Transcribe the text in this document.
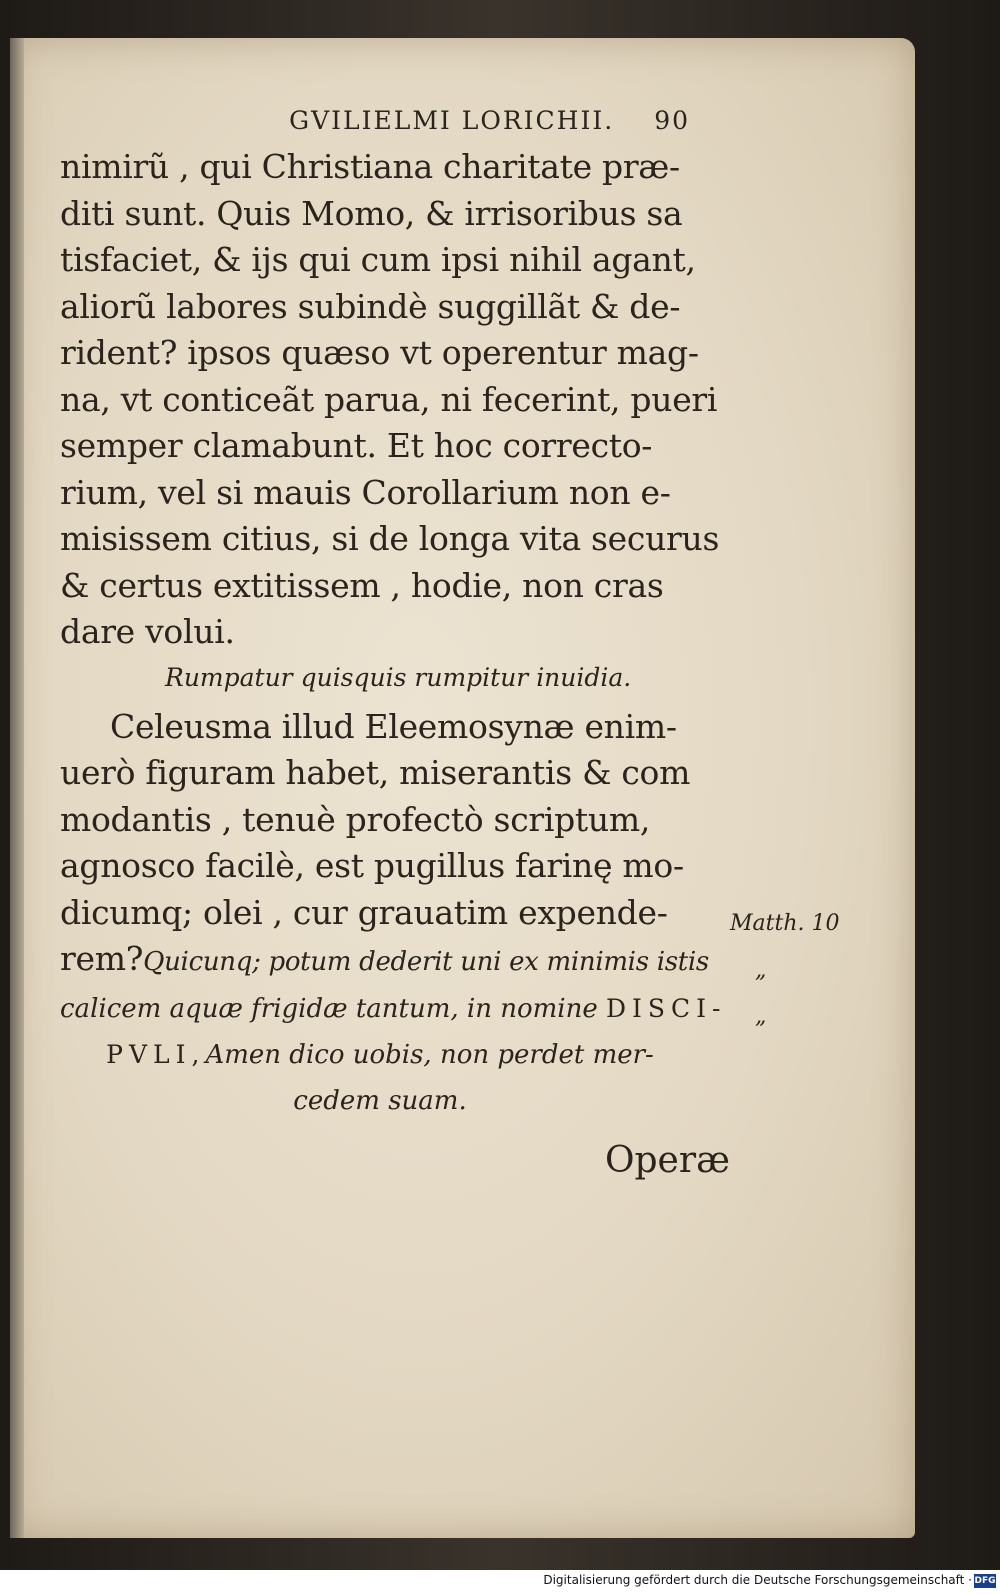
GVILIELMI LORICHII. 90

nimirũ , qui Christiana charitate præ-

diti sunt. Quis Momo, & irrisoribus sa

tisfaciet, & ijs qui cum ipsi nihil agant,

aliorũ labores subindè suggillãt & de-

rident? ipsos quæso vt operentur mag-

na, vt conticeãt parua, ni fecerint, pueri

semper clamabunt. Et hoc correcto-

rium, vel si mauis Corollarium non e-

misissem citius, si de longa vita securus

& certus extitissem , hodie, non cras

dare volui.

Rumpatur quisquis rumpitur inuidia.

Celeusma illud Eleemosynæ enim-

uerò figuram habet, miserantis & com

modantis , tenuè profectò scriptum,

agnosco facilè, est pugillus farinę mo-

dicumq; olei , cur grauatim expende-

rem?Quicunq; potum dederit uni ex minimis istis

calicem aquæ frigidæ tantum, in nomine DISCI-

PVLI,Amen dico uobis, non perdet mer-

cedem suam.

Matth. 10
„
„
Operæ
Digitalisierung gefördert durch die Deutsche Forschungsgemeinschaft · DFG
